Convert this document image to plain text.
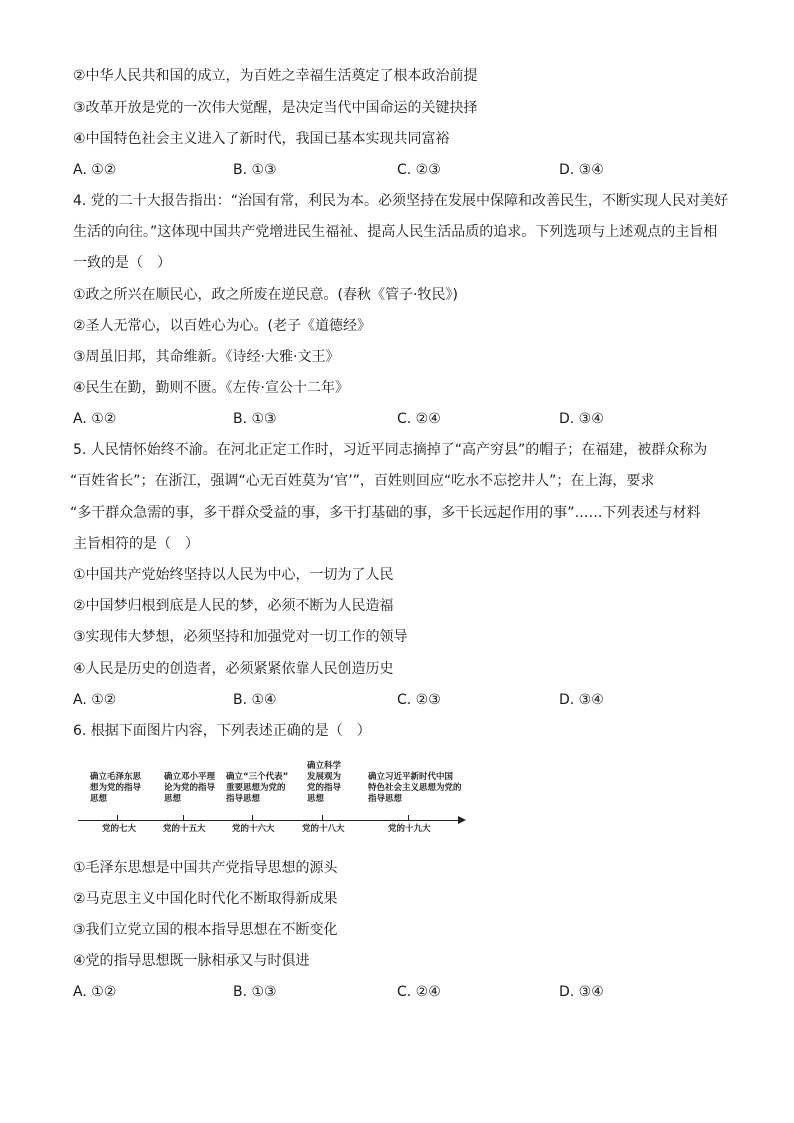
②中华人民共和国的成立，为百姓之幸福生活奠定了根本政治前提
③改革开放是党的一次伟大觉醒，是决定当代中国命运的关键抉择
④中国特色社会主义进入了新时代，我国已基本实现共同富裕
A. ①②	B. ①③	C. ②③	D. ③④
4. 党的二十大报告指出：“治国有常，利民为本。必须坚持在发展中保障和改善民生，不断实现人民对美好
生活的向往。”这体现中国共产党增进民生福祉、提高人民生活品质的追求。下列选项与上述观点的主旨相
一致的是（　）
①政之所兴在顺民心，政之所废在逆民意。(春秋《管子·牧民》)
②圣人无常心，以百姓心为心。(老子《道德经》
③周虽旧邦，其命维新。《诗经·大雅·文王》
④民生在勤，勤则不匮。《左传·宣公十二年》
A. ①②	B. ①③	C. ②④	D. ③④
5. 人民情怀始终不渝。在河北正定工作时，习近平同志摘掉了“高产穷县”的帽子；在福建，被群众称为
“百姓省长”；在浙江，强调“心无百姓莫为‘官’”，百姓则回应“吃水不忘挖井人”；在上海，要求
“多干群众急需的事，多干群众受益的事，多干打基础的事，多干长远起作用的事”……下列表述与材料
主旨相符的是（　）
①中国共产党始终坚持以人民为中心，一切为了人民
②中国梦归根到底是人民的梦，必须不断为人民造福
③实现伟大梦想，必须坚持和加强党对一切工作的领导
④人民是历史的创造者，必须紧紧依靠人民创造历史
A. ①②	B. ①④	C. ②③	D. ③④
6. 根据下面图片内容，下列表述正确的是（　）
确立毛泽东思
想为党的指导
思想
确立邓小平理
论为党的指导
思想
确立“三个代表”
重要思想为党的
指导思想
确立科学
发展观为
党的指导
思想
确立习近平新时代中国
特色社会主义思想为党的
指导思想
党的七大	党的十五大	党的十六大	党的十八大	党的十九大
①毛泽东思想是中国共产党指导思想的源头
②马克思主义中国化时代化不断取得新成果
③我们立党立国的根本指导思想在不断变化
④党的指导思想既一脉相承又与时俱进
A. ①②	B. ①③	C. ②④	D. ③④
